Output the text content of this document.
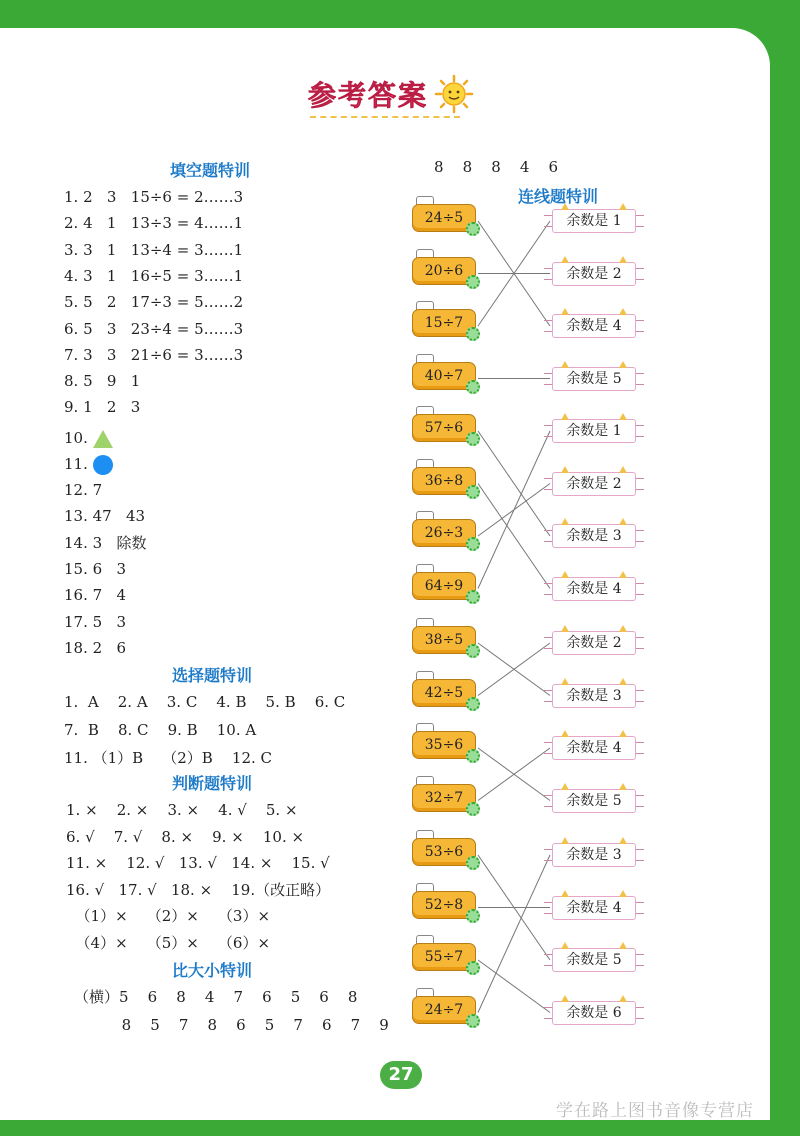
参考答案
填空题特训
1. 2   3   15÷6 = 2……3
2. 4   1   13÷3 = 4……1
3. 3   1   13÷4 = 3……1
4. 3   1   16÷5 = 3……1
5. 5   2   17÷3 = 5……2
6. 5   3   23÷4 = 5……3
7. 3   3   21÷6 = 3……3
8. 5   9   1
9. 1   2   3
10.
11.
12. 7
13. 47   43
14. 3   除数
15. 6   3
16. 7   4
17. 5   3
18. 2   6
选择题特训
1.  A    2. A    3. C    4. B    5. B    6. C
7.  B    8. C    9. B    10. A
11. （1）B    （2）B    12. C
判断题特训
1. ×    2. ×    3. ×    4. √    5. ×
6. √    7. √    8. ×    9. ×    10. ×
11. ×    12. √   13. √   14. ×    15. √
16. √   17. √   18. ×    19.（改正略）
（1）×    （2）×    （3）×
（4）×    （5）×    （6）×
比大小特训
（横）5    6    8    4    7    6    5    6    8
8    5    7    8    6    5    7    6    7    9
8    8    8    4    6
连线题特训
24÷5
20÷6
15÷7
40÷7
余数是 1
余数是 2
余数是 4
余数是 5
57÷6
36÷8
26÷3
64÷9
余数是 1
余数是 2
余数是 3
余数是 4
38÷5
42÷5
35÷6
32÷7
余数是 2
余数是 3
余数是 4
余数是 5
53÷6
52÷8
55÷7
24÷7
余数是 3
余数是 4
余数是 5
余数是 6
27
学在路上图书音像专营店
